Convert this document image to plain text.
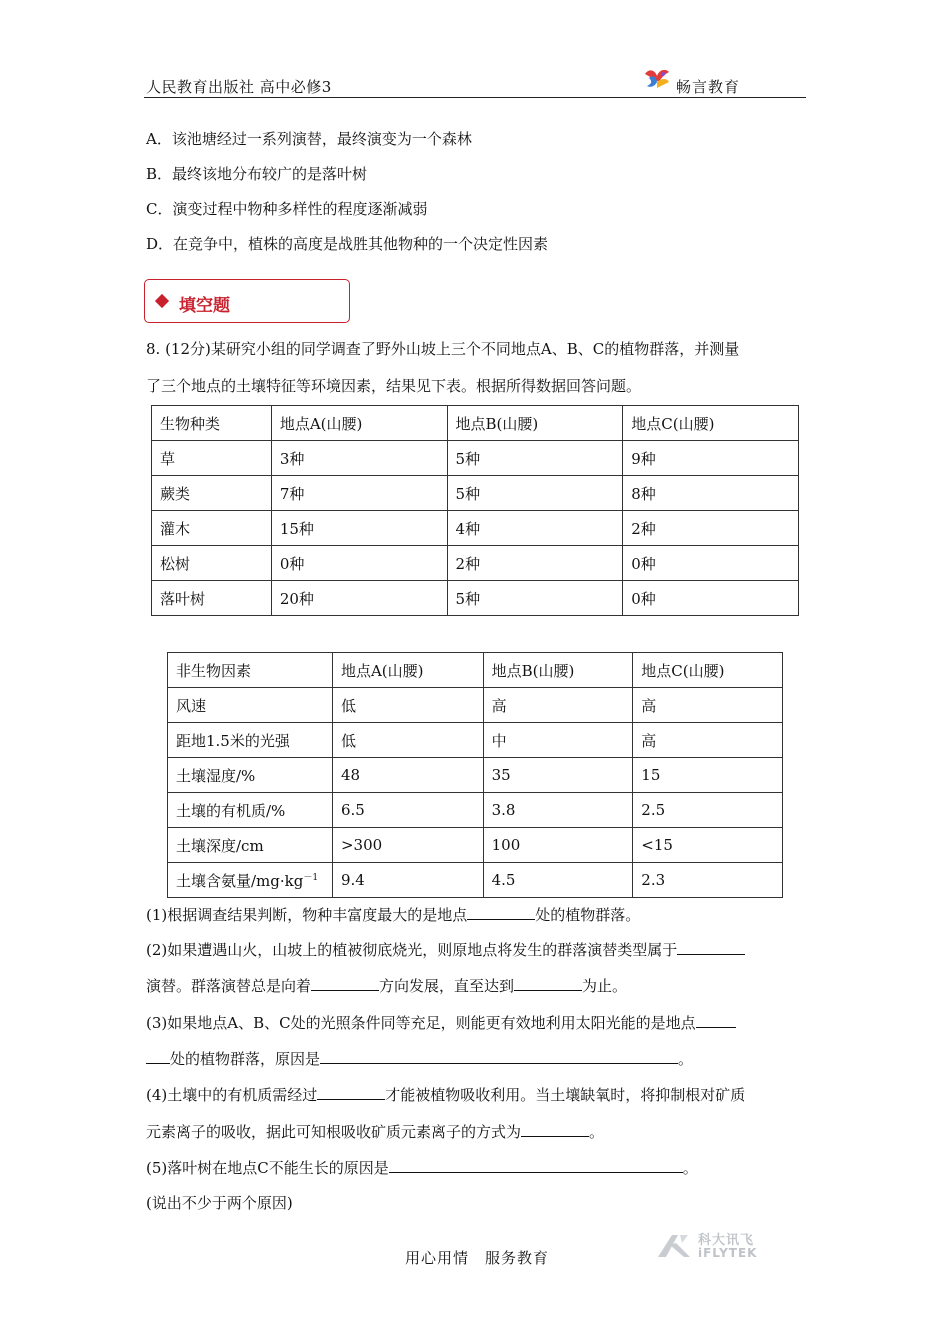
人民教育出版社 高中必修3	畅言教育
A．该池塘经过一系列演替，最终演变为一个森林
B．最终该地分布较广的是落叶树
C．演变过程中物种多样性的程度逐渐减弱
D．在竞争中，植株的高度是战胜其他物种的一个决定性因素
填空题
8. (12分)某研究小组的同学调查了野外山坡上三个不同地点A、B、C的植物群落，并测量
了三个地点的土壤特征等环境因素，结果见下表。根据所得数据回答问题。
生物种类	地点A(山腰)	地点B(山腰)	地点C(山腰)
草	3种	5种	9种
蕨类	7种	5种	8种
灌木	15种	4种	2种
松树	0种	2种	0种
落叶树	20种	5种	0种
非生物因素	地点A(山腰)	地点B(山腰)	地点C(山腰)
风速	低	高	高
距地1.5米的光强	低	中	高
土壤湿度/%	48	35	15
土壤的有机质/%	6.5	3.8	2.5
土壤深度/cm	>300	100	<15
土壤含氨量$/mg\cdot kg^{-1}$	9.4	4.5	2.3
(1)根据调查结果判断，物种丰富度最大的是地点	处的植物群落。
(2)如果遭遇山火，山坡上的植被彻底烧光，则原地点将发生的群落演替类型属于
演替。群落演替总是向着	方向发展，直至达到	为止。
(3)如果地点A、B、C处的光照条件同等充足，则能更有效地利用太阳光能的是地点
处的植物群落，原因是	。
(4)土壤中的有机质需经过	才能被植物吸收利用。当土壤缺氧时，将抑制根对矿质
元素离子的吸收，据此可知根吸收矿质元素离子的方式为	。
(5)落叶树在地点C不能生长的原因是	。
(说出不少于两个原因)
用心用情　服务教育
科大讯飞
iFLYTEK
